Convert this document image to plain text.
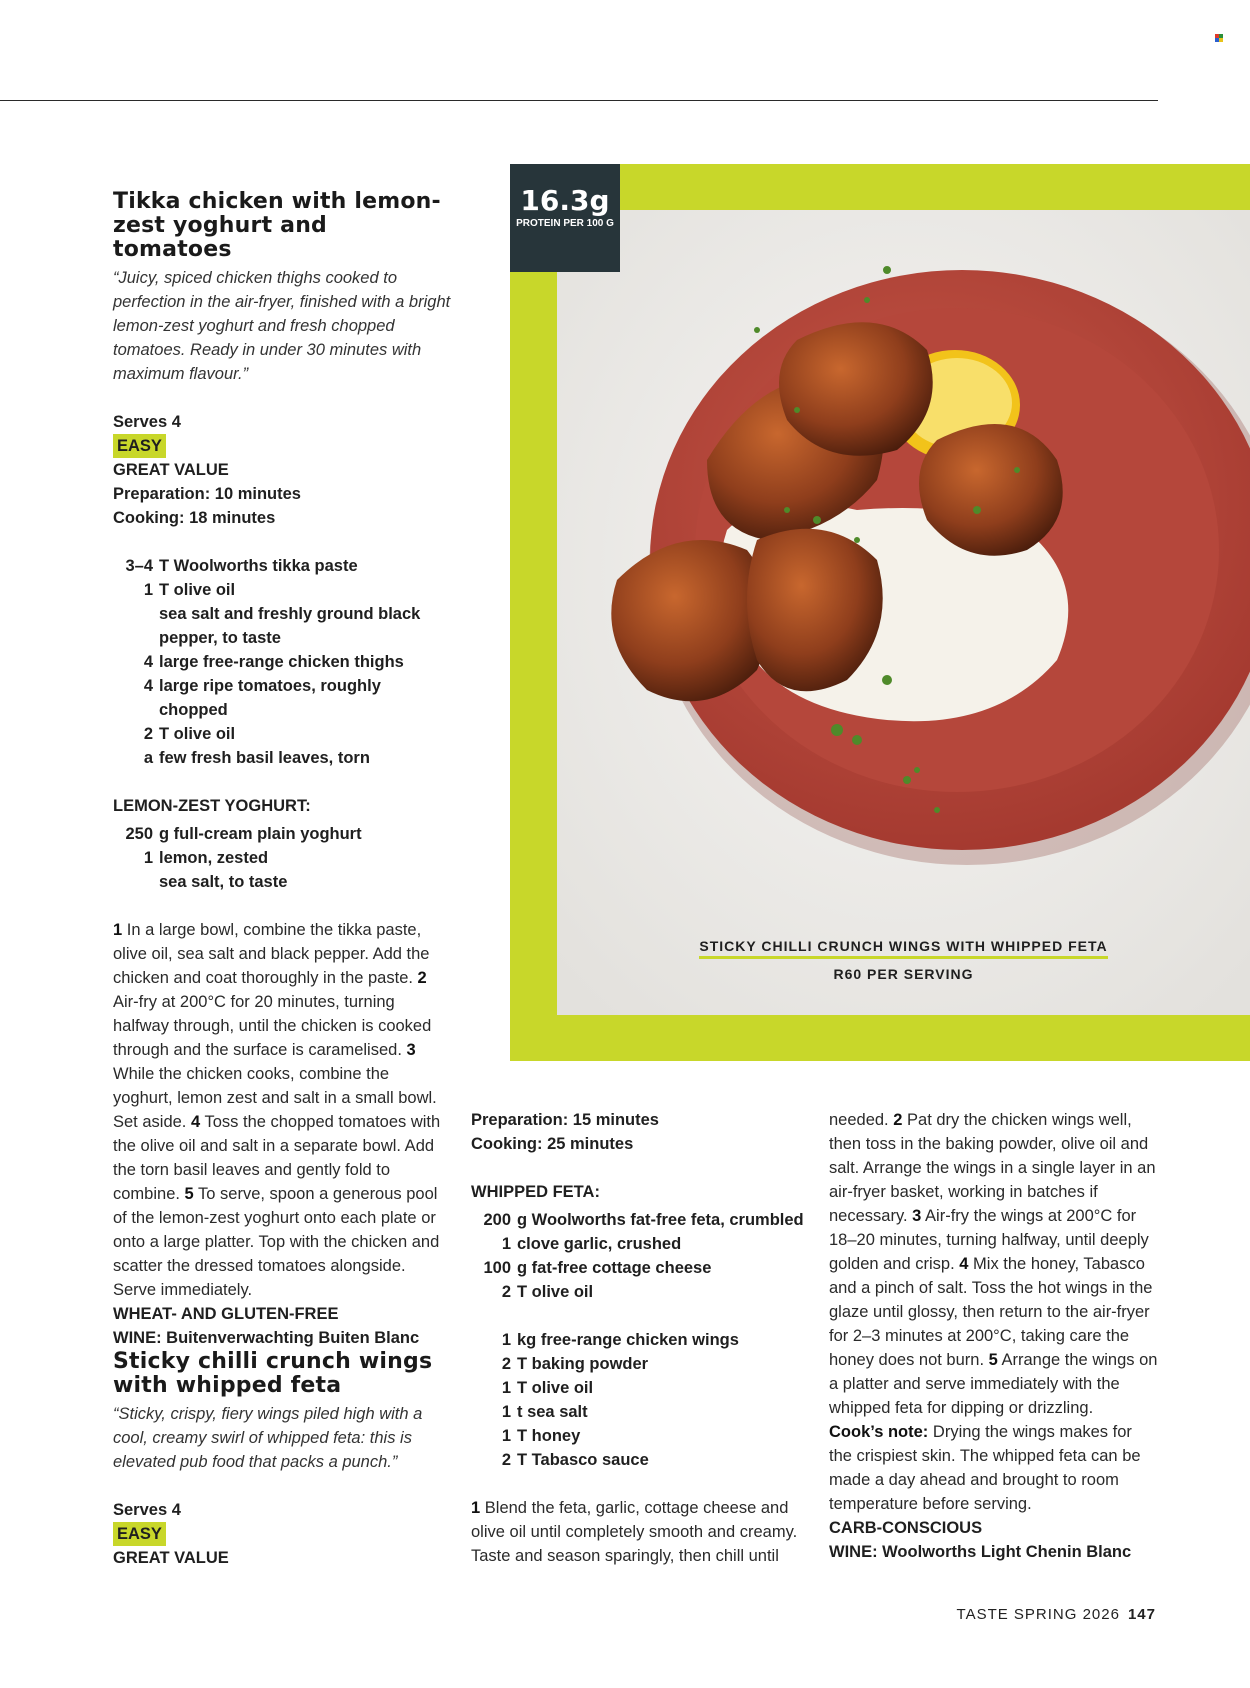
Tikka chicken with lemon-zest yoghurt and tomatoes

“Juicy, spiced chicken thighs cooked to perfection in the air-fryer, finished with a bright lemon-zest yoghurt and fresh chopped tomatoes. Ready in under 30 minutes with maximum flavour.”

Serves 4
EASY
GREAT VALUE
Preparation: 10 minutes
Cooking: 18 minutes
3–4 T Woolworths tikka paste
1 T olive oil
sea salt and freshly ground black pepper, to taste
4 large free-range chicken thighs
4 large ripe tomatoes, roughly chopped
2 T olive oil
a few fresh basil leaves, torn
LEMON-ZEST YOGHURT:
250 g full-cream plain yoghurt
1 lemon, zested
sea salt, to taste
1 In a large bowl, combine the tikka paste, olive oil, sea salt and black pepper. Add the chicken and coat thoroughly in the paste. 2 Air-fry at 200°C for 20 minutes, turning halfway through, until the chicken is cooked through and the surface is caramelised. 3 While the chicken cooks, combine the yoghurt, lemon zest and salt in a small bowl. Set aside. 4 Toss the chopped tomatoes with the olive oil and salt in a separate bowl. Add the torn basil leaves and gently fold to combine. 5 To serve, spoon a generous pool of the lemon-zest yoghurt onto each plate or onto a large platter. Top with the chicken and scatter the dressed tomatoes alongside. Serve immediately.
WHEAT- AND GLUTEN-FREE
WINE: Buitenverwachting Buiten Blanc
Sticky chilli crunch wings with whipped feta

“Sticky, crispy, fiery wings piled high with a cool, creamy swirl of whipped feta: this is elevated pub food that packs a punch.”

Serves 4
EASY
GREAT VALUE
16.3g
PROTEIN PER 100 G
STICKY CHILLI CRUNCH WINGS WITH WHIPPED FETA
R60 PER SERVING
Preparation: 15 minutes
Cooking: 25 minutes
WHIPPED FETA:
200 g Woolworths fat-free feta, crumbled
1 clove garlic, crushed
100 g fat-free cottage cheese
2 T olive oil
1 kg free-range chicken wings
2 T baking powder
1 T olive oil
1 t sea salt
1 T honey
2 T Tabasco sauce
1 Blend the feta, garlic, cottage cheese and olive oil until completely smooth and creamy. Taste and season sparingly, then chill until
needed. 2 Pat dry the chicken wings well, then toss in the baking powder, olive oil and salt. Arrange the wings in a single layer in an air-fryer basket, working in batches if necessary. 3 Air-fry the wings at 200°C for 18–20 minutes, turning halfway, until deeply golden and crisp. 4 Mix the honey, Tabasco and a pinch of salt. Toss the hot wings in the glaze until glossy, then return to the air-fryer for 2–3 minutes at 200°C, taking care the honey does not burn. 5 Arrange the wings on a platter and serve immediately with the whipped feta for dipping or drizzling.
Cook’s note: Drying the wings makes for the crispiest skin. The whipped feta can be made a day ahead and brought to room temperature before serving.
CARB-CONSCIOUS
WINE: Woolworths Light Chenin Blanc
TASTE SPRING 2026 147
